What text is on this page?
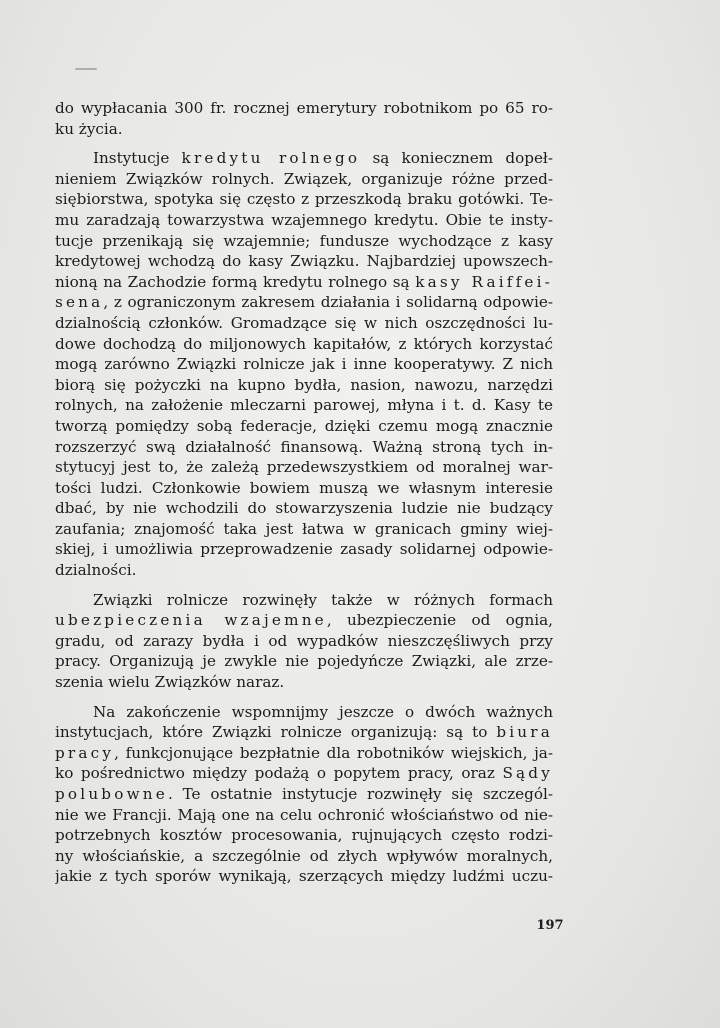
do wypłacania 300 fr. rocznej emerytury robotnikom po 65 ro-
ku życia.
Instytucje kredytu rolnego są koniecznem dopeł-
nieniem Związków rolnych. Związek, organizuje różne przed-
siębiorstwa, spotyka się często z przeszkodą braku gotówki. Te-
mu zaradzają towarzystwa wzajemnego kredytu. Obie te insty-
tucje przenikają się wzajemnie; fundusze wychodzące z kasy
kredytowej wchodzą do kasy Związku. Najbardziej upowszech-
nioną na Zachodzie formą kredytu rolnego są kasy Raiffei-
sena, z ograniczonym zakresem działania i solidarną odpowie-
dzialnością członków. Gromadzące się w nich oszczędności lu-
dowe dochodzą do miljonowych kapitałów, z których korzystać
mogą zarówno Związki rolnicze jak i inne kooperatywy. Z nich
biorą się pożyczki na kupno bydła, nasion, nawozu, narzędzi
rolnych, na założenie mleczarni parowej, młyna i t. d. Kasy te
tworzą pomiędzy sobą federacje, dzięki czemu mogą znacznie
rozszerzyć swą działalność finansową. Ważną stroną tych in-
stytucyj jest to, że zależą przedewszystkiem od moralnej war-
tości ludzi. Członkowie bowiem muszą we własnym interesie
dbać, by nie wchodzili do stowarzyszenia ludzie nie budzący
zaufania; znajomość taka jest łatwa w granicach gminy wiej-
skiej, i umożliwia przeprowadzenie zasady solidarnej odpowie-
dzialności.
Związki rolnicze rozwinęły także w różnych formach
ubezpieczenia wzajemne, ubezpieczenie od ognia,
gradu, od zarazy bydła i od wypadków nieszczęśliwych przy
pracy. Organizują je zwykle nie pojedyńcze Związki, ale zrze-
szenia wielu Związków naraz.
Na zakończenie wspomnijmy jeszcze o dwóch ważnych
instytucjach, które Związki rolnicze organizują: są to biura
pracy, funkcjonujące bezpłatnie dla robotników wiejskich, ja-
ko pośrednictwo między podażą o popytem pracy, oraz Sądy
polubowne. Te ostatnie instytucje rozwinęły się szczegól-
nie we Francji. Mają one na celu ochronić włościaństwo od nie-
potrzebnych kosztów procesowania, rujnujących często rodzi-
ny włościańskie, a szczególnie od złych wpływów moralnych,
jakie z tych sporów wynikają, szerzących między ludźmi uczu-
197
